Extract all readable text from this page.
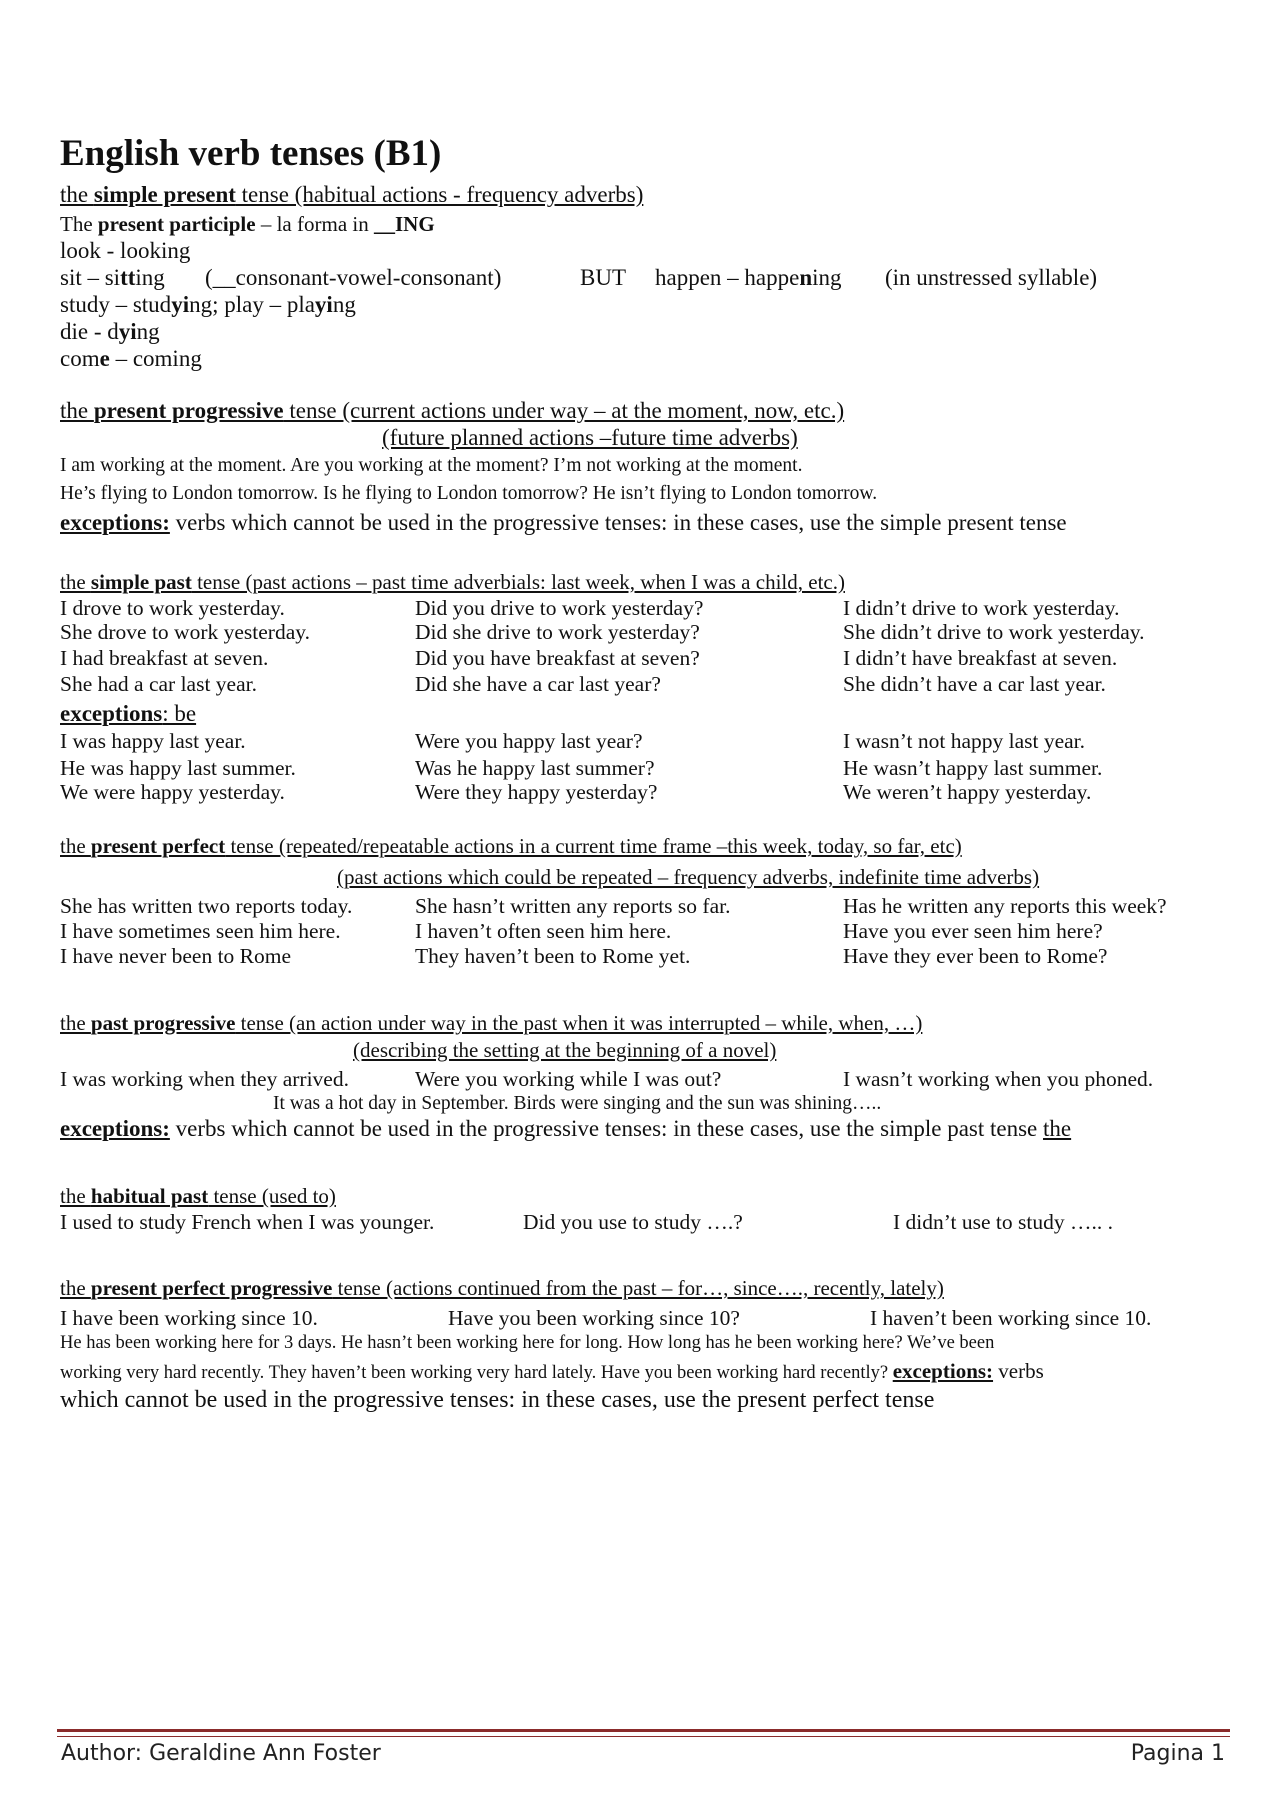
English verb tenses (B1)
the simple present tense (habitual actions - frequency adverbs)
The present participle – la forma in __ING
look - looking
sit – sitting (__consonant-vowel-consonant)	BUT happen – happening (in unstressed syllable)
study – studying; play – playing
die - dying
come – coming
the present progressive tense (current actions under way – at the moment, now, etc.)
(future planned actions –future time adverbs)
I am working at the moment. Are you working at the moment? I’m not working at the moment.
He’s flying to London tomorrow. Is he flying to London tomorrow? He isn’t flying to London tomorrow.
exceptions: verbs which cannot be used in the progressive tenses: in these cases, use the simple present tense
the simple past tense (past actions – past time adverbials: last week, when I was a child, etc.)
I drove to work yesterday.	Did you drive to work yesterday?	I didn’t drive to work yesterday.
She drove to work yesterday.	Did she drive to work yesterday?	She didn’t drive to work yesterday.
I had breakfast at seven.	Did you have breakfast at seven?	I didn’t have breakfast at seven.
She had a car last year.	Did she have a car last year?	She didn’t have a car last year.
exceptions: be
I was happy last year.	Were you happy last year?	I wasn’t not happy last year.
He was happy last summer.	Was he happy last summer?	He wasn’t happy last summer.
We were happy yesterday.	Were they happy yesterday?	We weren’t happy yesterday.
the present perfect tense (repeated/repeatable actions in a current time frame –this week, today, so far, etc)
(past actions which could be repeated – frequency adverbs, indefinite time adverbs)
She has written two reports today.	She hasn’t written any reports so far.	Has he written any reports this week?
I have sometimes seen him here.	I haven’t often seen him here.	Have you ever seen him here?
I have never been to Rome	They haven’t been to Rome yet.	Have they ever been to Rome?
the past progressive tense (an action under way in the past when it was interrupted – while, when, …)
(describing the setting at the beginning of a novel)
I was working when they arrived.	Were you working while I was out?	I wasn’t working when you phoned.
It was a hot day in September. Birds were singing and the sun was shining…..
exceptions: verbs which cannot be used in the progressive tenses: in these cases, use the simple past tense the
the habitual past tense (used to)
I used to study French when I was younger.	Did you use to study ….?	I didn’t use to study ….. .
the present perfect progressive tense (actions continued from the past – for…, since…., recently, lately)
I have been working since 10.	Have you been working since 10?	I haven’t been working since 10.
He has been working here for 3 days. He hasn’t been working here for long. How long has he been working here? We’ve been
working very hard recently. They haven’t been working very hard lately. Have you been working hard recently? exceptions: verbs
which cannot be used in the progressive tenses: in these cases, use the present perfect tense
Author: Geraldine Ann Foster	Pagina 1
